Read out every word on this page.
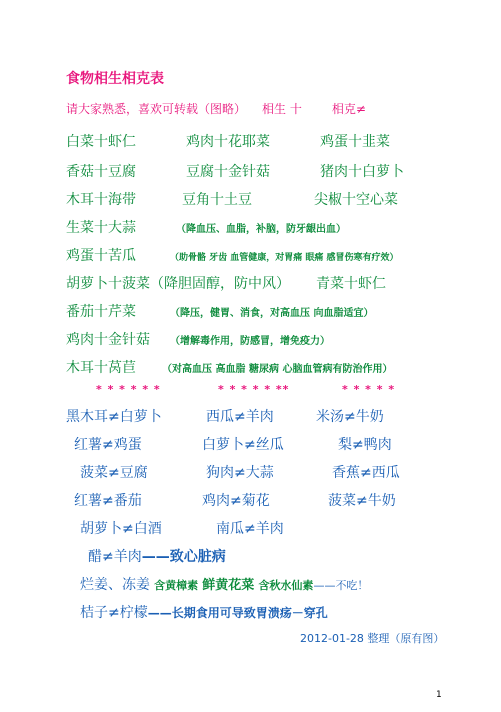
食物相生相克表
请大家熟悉，喜欢可转载（图略） 相生 十	相克≠
白菜十虾仁	鸡肉十花耶菜	鸡蛋十韭菜
香菇十豆腐	豆腐十金针菇	猪肉十白萝卜
木耳十海带	豆角十土豆	尖椒十空心菜
生菜十大蒜	（降血压、血脂，补脑，防牙龈出血）
鸡蛋十苦瓜	（助骨骼 牙齿 血管健康，对胃痛 眼痛 感冒伤寒有疗效）
胡萝卜十菠菜（降胆固醇，防中风） 青菜十虾仁
番茄十芹菜	（降压，健胃、消食，对高血压 向血脂适宜）
鸡肉十金针菇 （增解毒作用，防感冒，增免疫力）
木耳十莴苣	（对高血压 高血脂 糖尿病 心脑血管病有防治作用）
* * * * * *	* * * * * **	* * * * *
黑木耳≠白萝卜	西瓜≠羊肉	米汤≠牛奶
红薯≠鸡蛋	白萝卜≠丝瓜	梨≠鸭肉
菠菜≠豆腐	狗肉≠大蒜	香蕉≠西瓜
红薯≠番茄	鸡肉≠菊花	菠菜≠牛奶
胡萝卜≠白酒	南瓜≠羊肉
醋≠羊肉——致心脏病
烂姜、冻姜 含黄樟素 鲜黄花菜 含秋水仙素——不吃！
桔子≠柠檬——长期食用可导致胃溃疡－穿孔
2012-01-28 整理（原有图）
1
